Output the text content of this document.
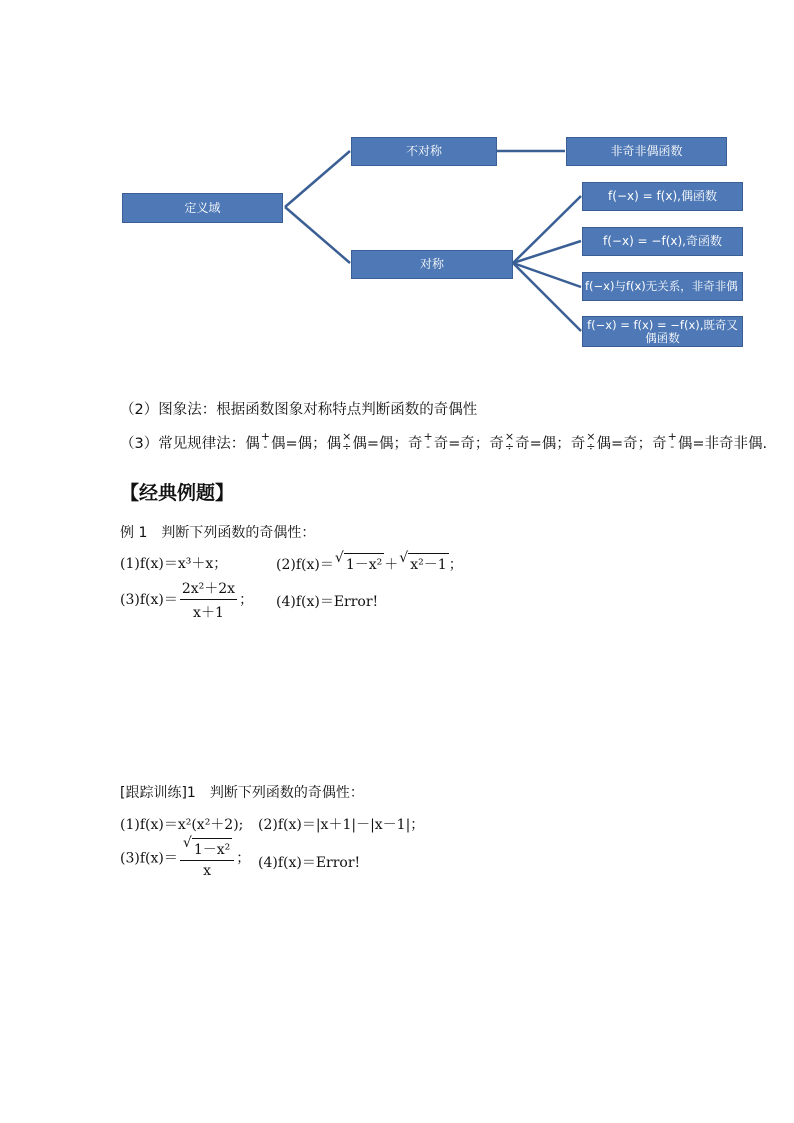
定义域
不对称	非奇非偶函数
对称
f(−x) = f(x),偶函数
f(−x) = −f(x),奇函数
f(−x)与f(x)无关系，非奇非偶
f(−x) = f(x) = −f(x),既奇又
偶函数
（2）图象法：根据函数图象对称特点判断函数的奇偶性
（3）常见规律法：偶 +
- 偶=偶；偶 ×
÷ 偶=偶；奇 +
- 奇=奇；奇 ×
÷ 奇=偶；奇 ×
÷ 偶=奇；奇 +
- 偶=非奇非偶.
【经典例题】
例 1　判断下列函数的奇偶性：
(1)f(x)＝x³＋x；	(2)f(x)＝ √ 1－x² ＋ √ x²－1 ；
$(3)f(x)= \frac{\text{2x²＋2x}}{x+1}$ ； (4)f(x)＝Error!
[跟踪训练]1　判断下列函数的奇偶性：
(1)f(x)＝x²(x²＋2); (2)f(x)＝|x＋1|－|x－1|；
(3)f(x)＝ √ $\frac{\text{1－x²}}{x}$ ； (4)f(x)＝Error!
